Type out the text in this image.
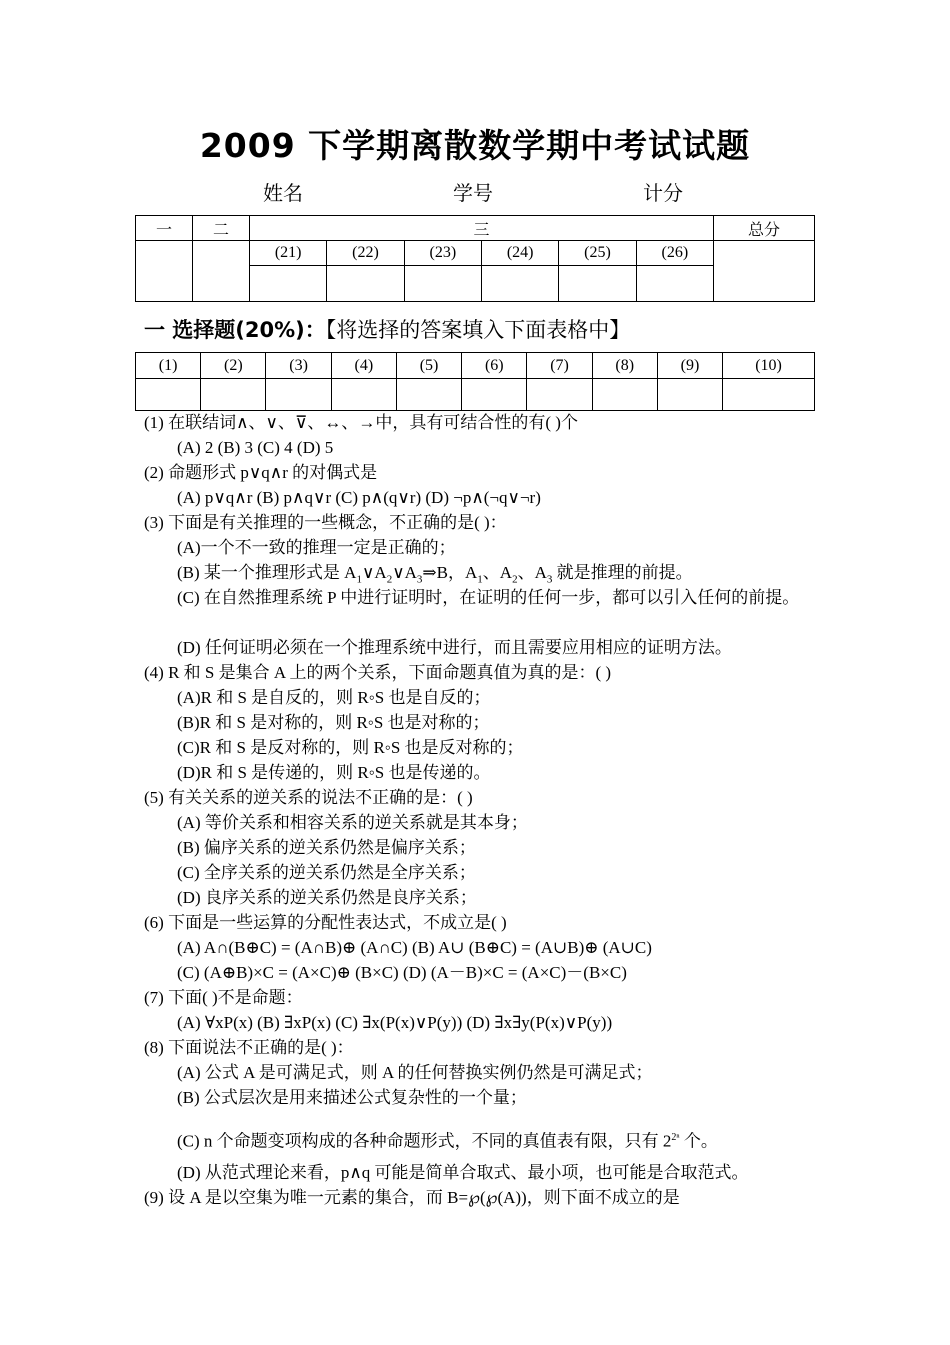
2009 下学期离散数学期中考试试题
姓名	学号	计分
一	二	三						总分
		(21)	(22)	(23)	(24)	(25)	(26)	

一 选择题(20%)：【将选择的答案填入下面表格中】
(1)	(2)	(3)	(4)	(5)	(6)	(7)	(8)	(9)	(10)

(1) 在联结词∧、∨、⊽、↔、→中，具有可结合性的有( )个
(A) 2 (B) 3 (C) 4 (D) 5
(2) 命题形式 p∨q∧r 的对偶式是
(A) p∨q∧r (B) p∧q∨r (C) p∧(q∨r) (D) ¬p∧(¬q∨¬r)
(3) 下面是有关推理的一些概念，不正确的是( )：
(A)一个不一致的推理一定是正确的；
(B) 某一个推理形式是 $A_1\vee A_2\vee A_3\Rightarrow B$，$A_1$、$A_2$、$A_3$ 就是推理的前提。
(C) 在自然推理系统 P 中进行证明时，在证明的任何一步，都可以引入任何的前提。
(D) 任何证明必须在一个推理系统中进行，而且需要应用相应的证明方法。
(4) R 和 S 是集合 A 上的两个关系，下面命题真值为真的是：( )
(A)R 和 S 是自反的，则 R◦S 也是自反的；
(B)R 和 S 是对称的，则 R◦S 也是对称的；
(C)R 和 S 是反对称的，则 R◦S 也是反对称的；
(D)R 和 S 是传递的，则 R◦S 也是传递的。
(5) 有关关系的逆关系的说法不正确的是：( )
(A) 等价关系和相容关系的逆关系就是其本身；
(B) 偏序关系的逆关系仍然是偏序关系；
(C) 全序关系的逆关系仍然是全序关系；
(D) 良序关系的逆关系仍然是良序关系；
(6) 下面是一些运算的分配性表达式，不成立是( )
(A) A∩(B⊕C) = (A∩B)⊕ (A∩C) (B) A∪ (B⊕C) = (A∪B)⊕ (A∪C)
(C) (A⊕B)×C = (A×C)⊕ (B×C) (D) (A－B)×C = (A×C)－(B×C)
(7) 下面( )不是命题：
(A) ∀xP(x) (B) ∃xP(x) (C) ∃x(P(x)∨P(y)) (D) ∃x∃y(P(x)∨P(y))
(8) 下面说法不正确的是( )：
(A) 公式 A 是可满足式，则 A 的任何替换实例仍然是可满足式；
(B) 公式层次是用来描述公式复杂性的一个量；
(C) n 个命题变项构成的各种命题形式，不同的真值表有限，只有 $2^{2^n}$ 个。
(D) 从范式理论来看，p∧q 可能是简单合取式、最小项，也可能是合取范式。
(9) 设 A 是以空集为唯一元素的集合，而 B=℘(℘(A))，则下面不成立的是
